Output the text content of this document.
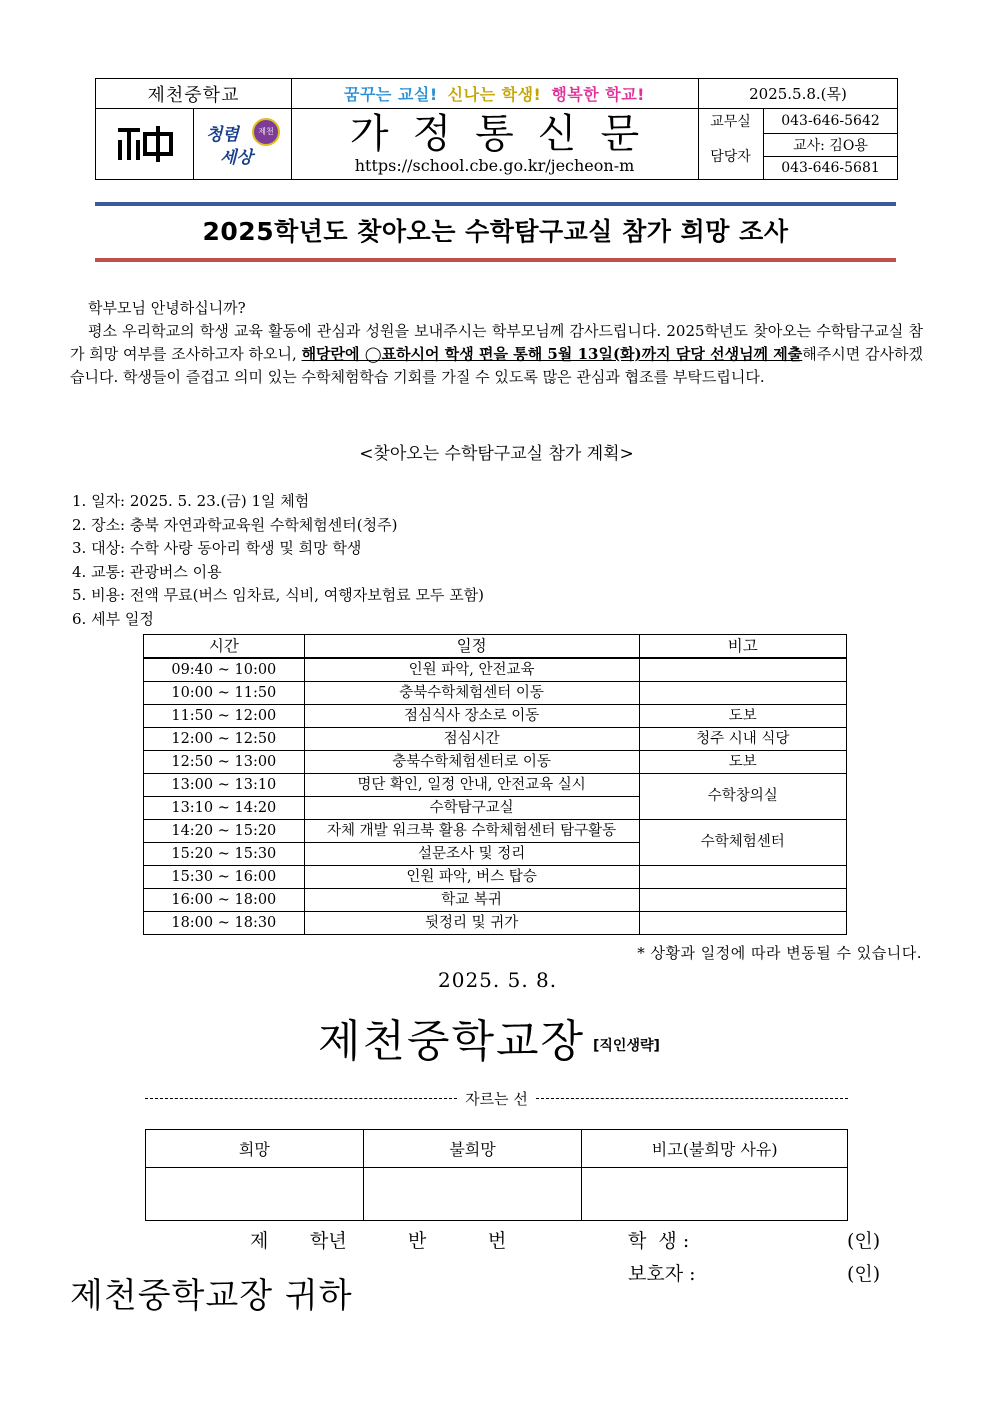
제천중학교	꿈꾸는 교실! 신나는 학생! 행복한 학교!	2025.5.8.(목)
제中
청렴
세상
제천 가정통신문
https://school.cbe.go.kr/jecheon-m
교무실	043-646-5642
담당자
교사: 김O용
043-646-5681
2025학년도 찾아오는 수학탐구교실 참가 희망 조사

학부모님 안녕하십니까?

평소 우리학교의 학생 교육 활동에 관심과 성원을 보내주시는 학부모님께 감사드립니다. 2025학년도 찾아오는 수학탐구교실 참가 희망 여부를 조사하고자 하오니, 해당란에 ◯표하시어 학생 편을 통해 5월 13일(화)까지 담당 선생님께 제출해주시면 감사하겠습니다. 학생들이 즐겁고 의미 있는 수학체험학습 기회를 가질 수 있도록 많은 관심과 협조를 부탁드립니다.

<찾아오는 수학탐구교실 참가 계획>
1. 일자: 2025. 5. 23.(금) 1일 체험
2. 장소: 충북 자연과학교육원 수학체험센터(청주)
3. 대상: 수학 사랑 동아리 학생 및 희망 학생
4. 교통: 관광버스 이용
5. 비용: 전액 무료(버스 임차료, 식비, 여행자보험료 모두 포함)
6. 세부 일정
시간	일정	비고
09:40 ~ 10:00	인원 파악, 안전교육	
10:00 ~ 11:50	충북수학체험센터 이동	
11:50 ~ 12:00	점심식사 장소로 이동	도보
12:00 ~ 12:50	점심시간	청주 시내 식당
12:50 ~ 13:00	충북수학체험센터로 이동	도보
13:00 ~ 13:10	명단 확인, 일정 안내, 안전교육 실시	수학창의실
13:10 ~ 14:20	수학탐구교실	
14:20 ~ 15:20	자체 개발 워크북 활용 수학체험센터 탐구활동	수학체험센터
15:20 ~ 15:30	설문조사 및 정리	
15:30 ~ 16:00	인원 파악, 버스 탑승	
16:00 ~ 18:00	학교 복귀	
18:00 ~ 18:30	뒷정리 및 귀가	
* 상황과 일정에 따라 변동될 수 있습니다.
2025. 5. 8.
제천중학교장 [직인생략]
자르는 선
희망	불희망	비고(불희망 사유)

제 학년	반	번	학  생 :	(인)
보호자 :	(인)
제천중학교장 귀하
